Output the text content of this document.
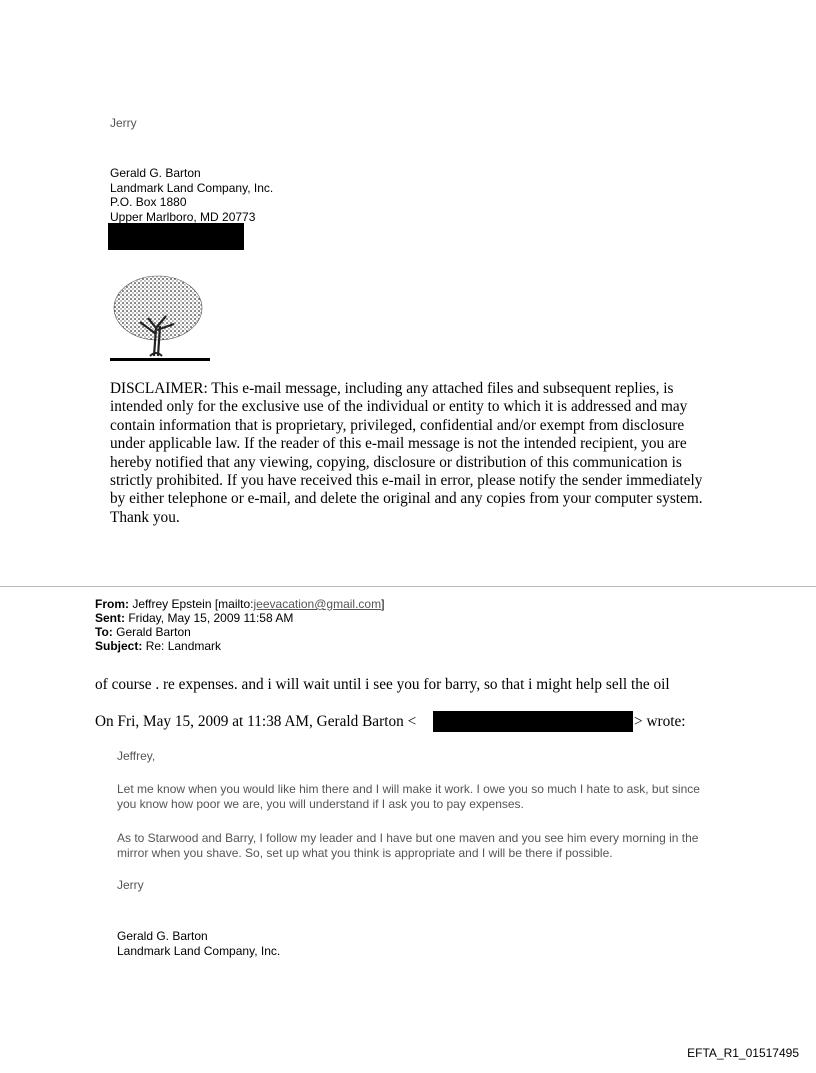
Jerry
Gerald G. Barton
Landmark Land Company, Inc.
P.O. Box 1880
Upper Marlboro, MD 20773
DISCLAIMER: This e-mail message, including any attached files and subsequent replies, is intended only for the exclusive use of the individual or entity to which it is addressed and may contain information that is proprietary, privileged, confidential and/or exempt from disclosure under applicable law. If the reader of this e-mail message is not the intended recipient, you are hereby notified that any viewing, copying, disclosure or distribution of this communication is strictly prohibited. If you have received this e-mail in error, please notify the sender immediately by either telephone or e-mail, and delete the original and any copies from your computer system. Thank you.
From: Jeffrey Epstein [mailto:jeevacation@gmail.com]
Sent: Friday, May 15, 2009 11:58 AM
To: Gerald Barton
Subject: Re: Landmark
of course . re expenses. and i will wait until i see you for barry, so that i might help sell the oil
On Fri, May 15, 2009 at 11:38 AM, Gerald Barton <	> wrote:
Jeffrey,
Let me know when you would like him there and I will make it work. I owe you so much I hate to ask, but since you know how poor we are, you will understand if I ask you to pay expenses.
As to Starwood and Barry, I follow my leader and I have but one maven and you see him every morning in the mirror when you shave. So, set up what you think is appropriate and I will be there if possible.
Jerry
Gerald G. Barton
Landmark Land Company, Inc.
EFTA_R1_01517495
